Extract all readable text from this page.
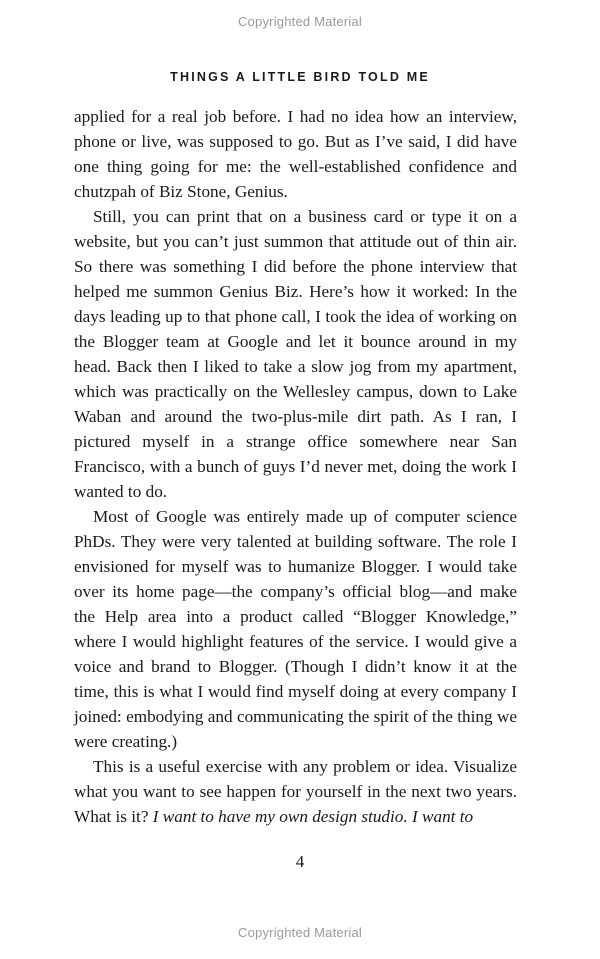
Copyrighted Material
THINGS A LITTLE BIRD TOLD ME

applied for a real job before. I had no idea how an interview, phone or live, was supposed to go. But as I’ve said, I did have one thing going for me: the well-established confidence and chutzpah of Biz Stone, Genius.

Still, you can print that on a business card or type it on a website, but you can’t just summon that attitude out of thin air. So there was something I did before the phone interview that helped me summon Genius Biz. Here’s how it worked: In the days leading up to that phone call, I took the idea of working on the Blogger team at Google and let it bounce around in my head. Back then I liked to take a slow jog from my apartment, which was practically on the Wellesley campus, down to Lake Waban and around the two-plus-mile dirt path. As I ran, I pictured myself in a strange office somewhere near San Francisco, with a bunch of guys I’d never met, doing the work I wanted to do.

Most of Google was entirely made up of computer science PhDs. They were very talented at building software. The role I envisioned for myself was to humanize Blogger. I would take over its home page—the company’s official blog—and make the Help area into a product called “Blogger Knowledge,” where I would highlight features of the service. I would give a voice and brand to Blogger. (Though I didn’t know it at the time, this is what I would find myself doing at every company I joined: embodying and communicating the spirit of the thing we were creating.)

This is a useful exercise with any problem or idea. Visualize what you want to see happen for yourself in the next two years. What is it? I want to have my own design studio. I want to

4
Copyrighted Material
